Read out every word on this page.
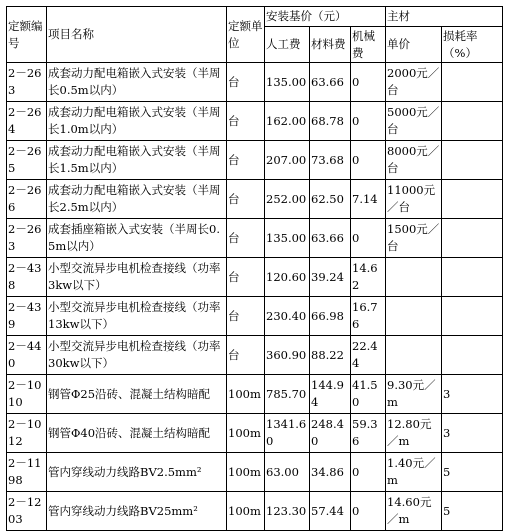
定额编号	项目名称	定额单位	安装基价（元）			主材	
			人工费	材料费	机械费	单价	损耗率（%）
2－263	成套动力配电箱嵌入式安装（半周长0.5m以内）	台	135.00	63.66	0	2000元／台	
2－264	成套动力配电箱嵌入式安装（半周长1.0m以内）	台	162.00	68.78	0	5000元／台	
2－265	成套动力配电箱嵌入式安装（半周长1.5m以内）	台	207.00	73.68	0	8000元／台	
2－266	成套动力配电箱嵌入式安装（半周长2.5m以内）	台	252.00	62.50	7.14	11000元／台	
2－263	成套插座箱嵌入式安装（半周长0.5m以内）	台	135.00	63.66	0	1500元／台	
2－438	小型交流异步电机检查接线（功率3kw以下）	台	120.60	39.24	14.62		
2－439	小型交流异步电机检查接线（功率13kw以下）	台	230.40	66.98	16.76		
2－440	小型交流异步电机检查接线（功率30kw以下）	台	360.90	88.22	22.44		
2－1010	钢管Φ25沿砖、混凝土结构暗配	100m	785.70	144.94	41.50	9.30元／m	3
2－1012	钢管Φ40沿砖、混凝土结构暗配	100m	1341.60	248.40	59.36	12.80元／m	3
2－1198	管内穿线动力线路BV2.5mm²	100m	63.00	34.86	0	1.40元／m	5
2－1203	管内穿线动力线路BV25mm²	100m	123.30	57.44	0	14.60元／m	5
